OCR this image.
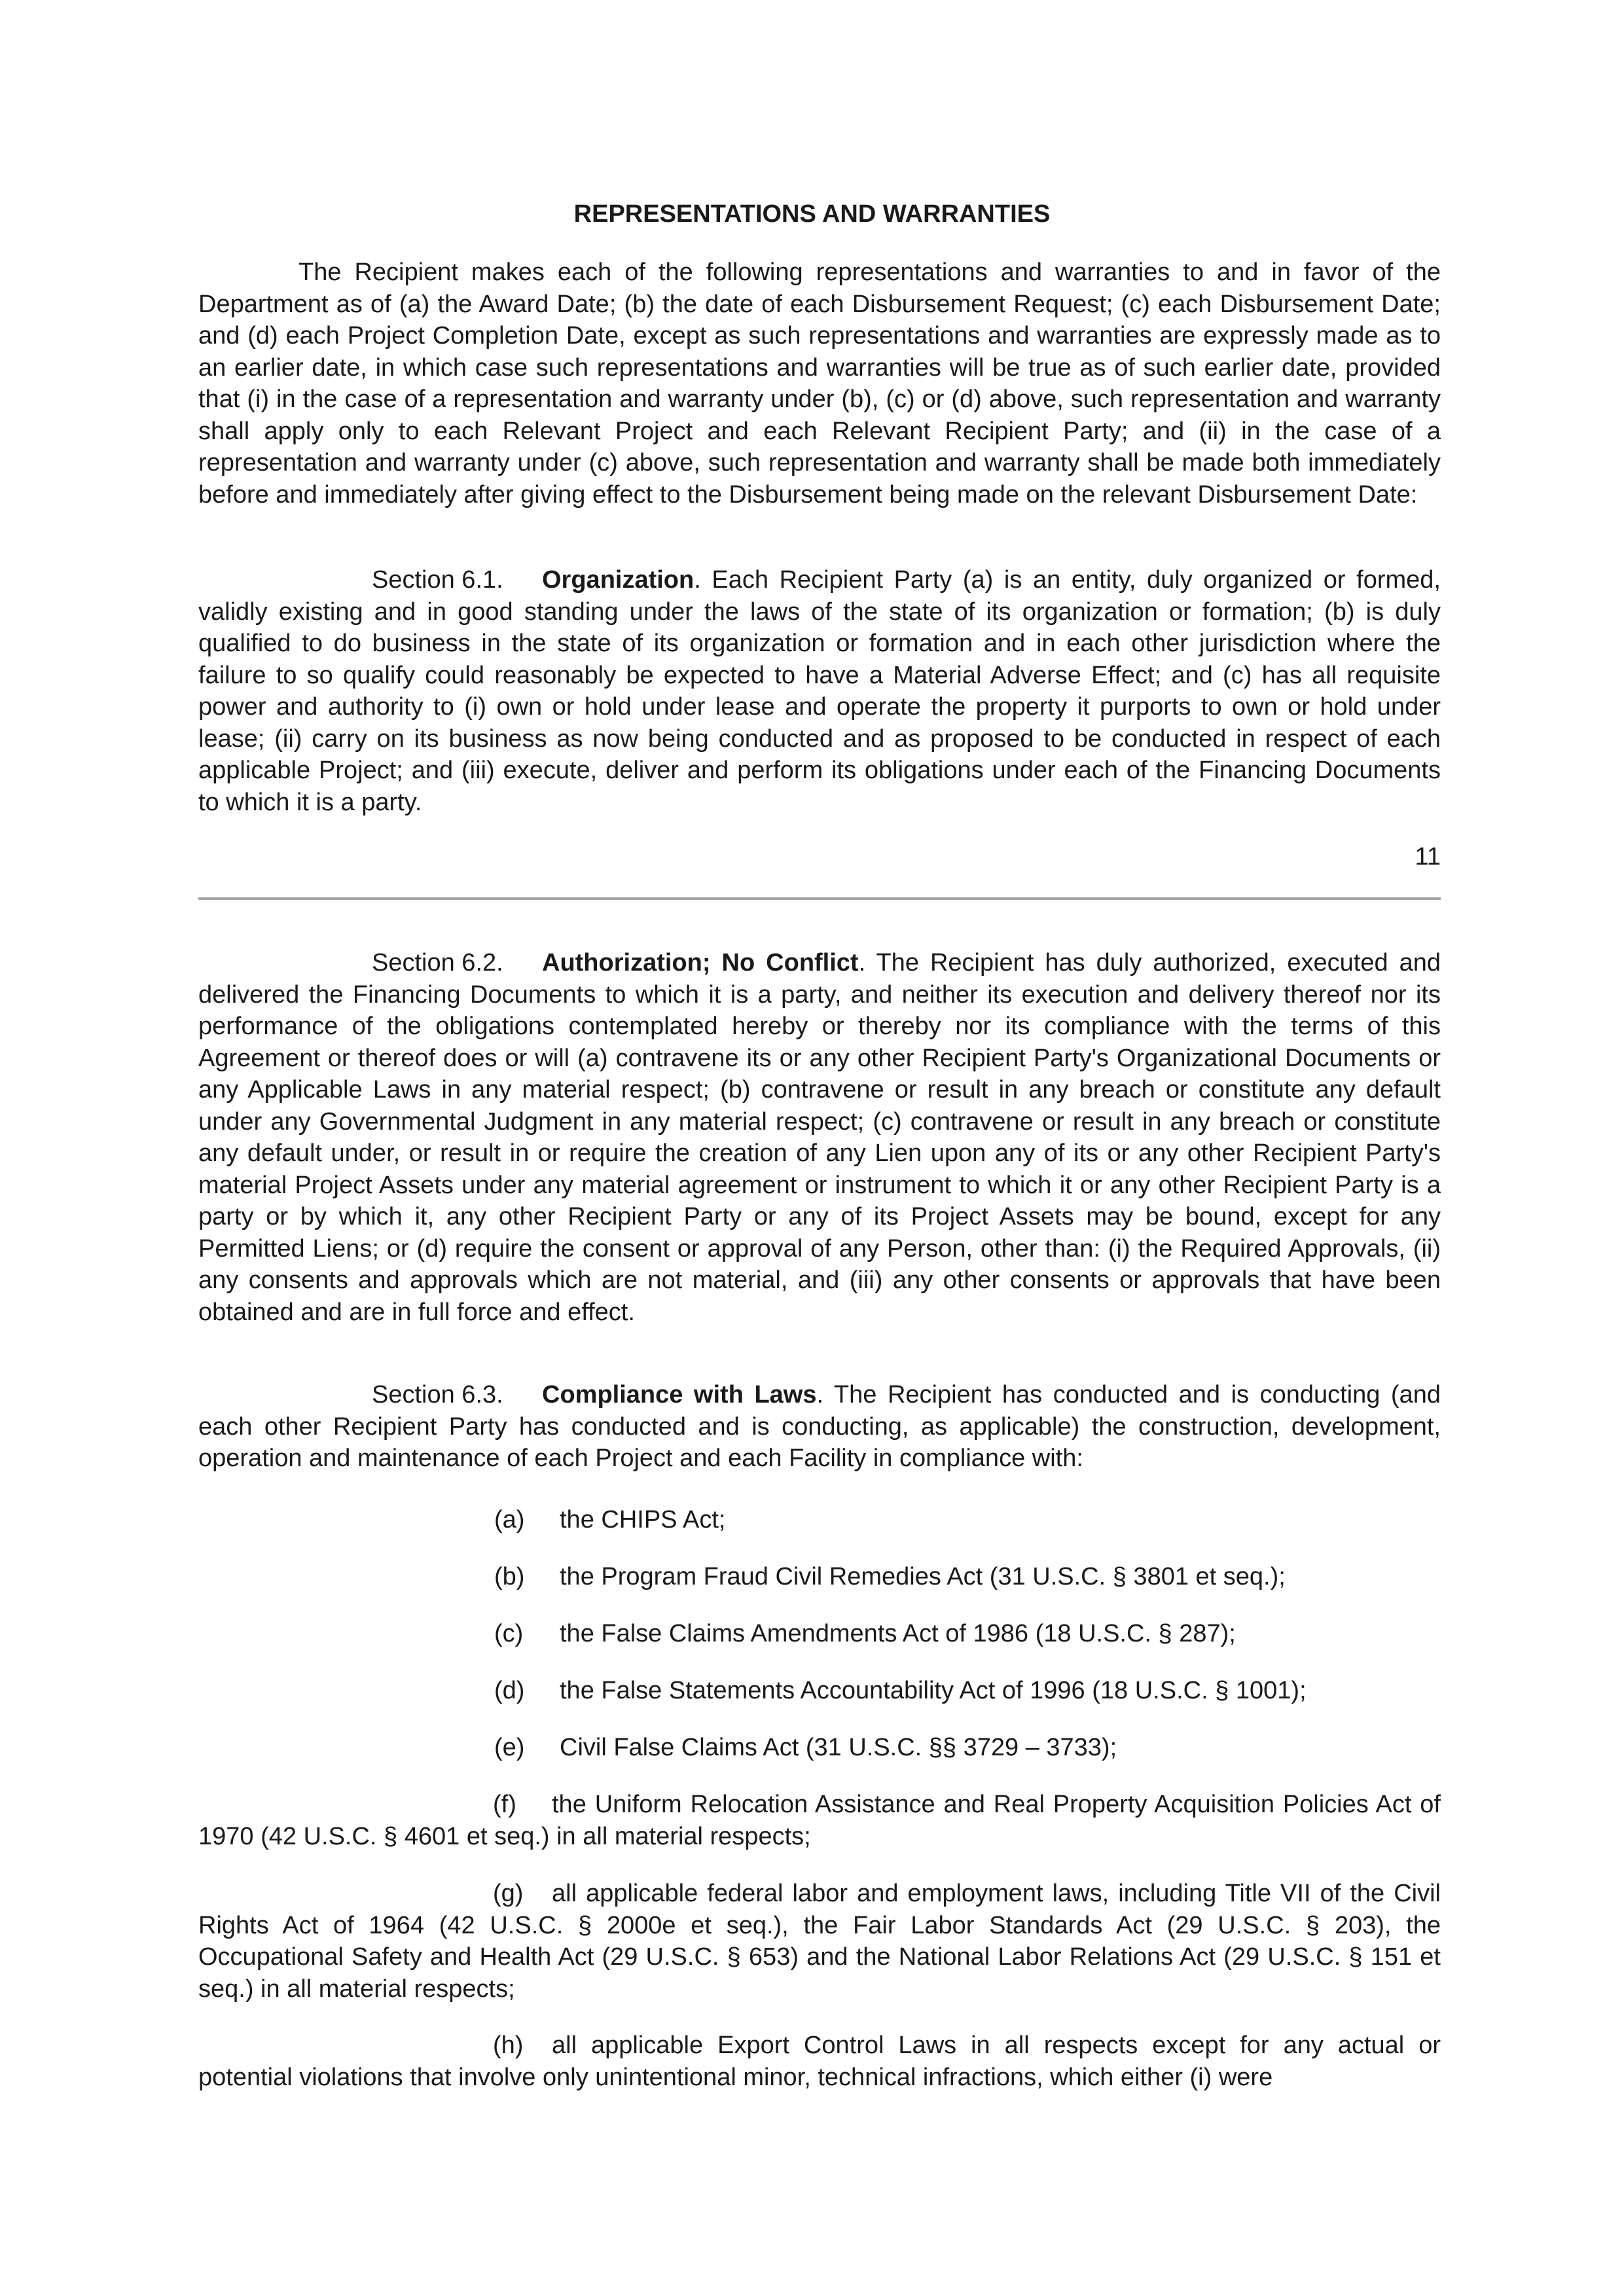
REPRESENTATIONS AND WARRANTIES

The Recipient makes each of the following representations and warranties to and in favor of the Department as of (a) the Award Date; (b) the date of each Disbursement Request; (c) each Disbursement Date; and (d) each Project Completion Date, except as such representations and warranties are expressly made as to an earlier date, in which case such representations and warranties will be true as of such earlier date, provided that (i) in the case of a representation and warranty under (b), (c) or (d) above, such representation and warranty shall apply only to each Relevant Project and each Relevant Recipient Party; and (ii) in the case of a representation and warranty under (c) above, such representation and warranty shall be made both immediately before and immediately after giving effect to the Disbursement being made on the relevant Disbursement Date:

Section 6.1. Organization. Each Recipient Party (a) is an entity, duly organized or formed, validly existing and in good standing under the laws of the state of its organization or formation; (b) is duly qualified to do business in the state of its organization or formation and in each other jurisdiction where the failure to so qualify could reasonably be expected to have a Material Adverse Effect; and (c) has all requisite power and authority to (i) own or hold under lease and operate the property it purports to own or hold under lease; (ii) carry on its business as now being conducted and as proposed to be conducted in respect of each applicable Project; and (iii) execute, deliver and perform its obligations under each of the Financing Documents to which it is a party.

11

Section 6.2. Authorization; No Conflict. The Recipient has duly authorized, executed and delivered the Financing Documents to which it is a party, and neither its execution and delivery thereof nor its performance of the obligations contemplated hereby or thereby nor its compliance with the terms of this Agreement or thereof does or will (a) contravene its or any other Recipient Party's Organizational Documents or any Applicable Laws in any material respect; (b) contravene or result in any breach or constitute any default under any Governmental Judgment in any material respect; (c) contravene or result in any breach or constitute any default under, or result in or require the creation of any Lien upon any of its or any other Recipient Party's material Project Assets under any material agreement or instrument to which it or any other Recipient Party is a party or by which it, any other Recipient Party or any of its Project Assets may be bound, except for any Permitted Liens; or (d) require the consent or approval of any Person, other than: (i) the Required Approvals, (ii) any consents and approvals which are not material, and (iii) any other consents or approvals that have been obtained and are in full force and effect.

Section 6.3. Compliance with Laws. The Recipient has conducted and is conducting (and each other Recipient Party has conducted and is conducting, as applicable) the construction, development, operation and maintenance of each Project and each Facility in compliance with:

(a) the CHIPS Act;
(b) the Program Fraud Civil Remedies Act (31 U.S.C. § 3801 et seq.);
(c) the False Claims Amendments Act of 1986 (18 U.S.C. § 287);
(d) the False Statements Accountability Act of 1996 (18 U.S.C. § 1001);
(e) Civil False Claims Act (31 U.S.C. §§ 3729 – 3733);

(f) the Uniform Relocation Assistance and Real Property Acquisition Policies Act of 1970 (42 U.S.C. § 4601 et seq.) in all material respects;

(g) all applicable federal labor and employment laws, including Title VII of the Civil Rights Act of 1964 (42 U.S.C. § 2000e et seq.), the Fair Labor Standards Act (29 U.S.C. § 203), the Occupational Safety and Health Act (29 U.S.C. § 653) and the National Labor Relations Act (29 U.S.C. § 151 et seq.) in all material respects;

(h) all applicable Export Control Laws in all respects except for any actual or potential violations that involve only unintentional minor, technical infractions, which either (i) were
